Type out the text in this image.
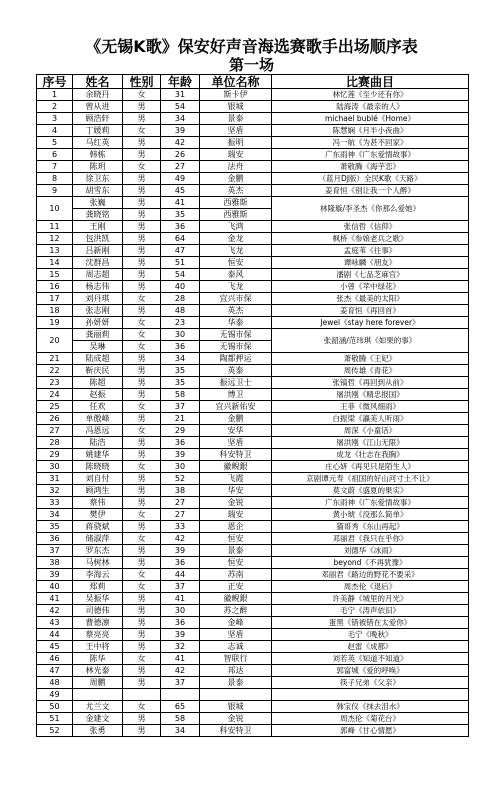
《无锡K歌》保安好声音海选赛歌手出场顺序表
第一场
序号	姓名	性别	年龄	单位名称	比赛曲目
1	余晓丹	女	31	斯卡伊	林忆莲《至少还有你》
2	曾从进	男	54	银城	陆海涛《最亲的人》
3	顾浩轩	男	34	景泰	michael bublé《Home》
4	丁媛莉	女	39	坚盾	陈慧娴《月半小夜曲》
5	马红英	男	42	振明	冯一航《为甚不回家》
6	韩栋	男	26	瑞安	广东雨神《广东爱情故事》
7	陈玥	女	27	法舟	萧敬腾《海芋恋》
8	徐卫东	男	49	金鹏	（蓝月DJ版）全民K歌《天路》
9	胡雪东	男	45	英杰	姜育恒《别让我一个人醉》
10	张巍	男	41	西雅斯	林隆璇/李圣杰《你那么爱她》
	龚晓铭	男	35	西雅斯	
11	王刚	男	36	飞鸿	张信哲《信仰》
12	包洪凯	男	64	金龙	枫桥《参娘老兵之歌》
13	吕新刚	男	47	飞龙	孟庭苇《往事》
14	沈群昌	男	51	恒安	谭咏麟《朋友》
15	周志超	男	54	泰风	潘剧《七品芝麻官》
16	杨志伟	男	40	飞龙	小曾《苹中绿花》
17	刘丹琪	女	28	宜兴市保	张杰《最美的太阳》
18	张志刚	男	48	英杰	姜育恒《再回首》
19	孙妍妍	女	23	华泰	Jewel《stay here forever》
20	龚丽莉	女	30	无锡市保	张韶涵/范玮琪《如果的事》
	吴琳	女	36	无锡市保	
21	陆成超	男	34	陶都押运	萧敬腾《王妃》
22	靳庆民	男	35	英泰	周传雄《青花》
23	陈超	男	35	振远卫士	张镐哲《再回到从前》
24	赵振	男	58	博卫	屠洪刚《精忠报国》
25	任欢	女	37	宜兴新佑安	王菲《微风细雨》
26	单傲峰	男	21	金鹏	白振梁《瀛美人听雨》
27	冯恩远	女	29	安华	周深《小童话》
28	陆浩	男	36	坚盾	屠洪刚《江山无限》
29	姚建华	男	39	科安特卫	成龙《壮志在我胸》
30	陈晓晓	女	30	徽鲵銀	庄心妍《再见只是陌生人》
31	刘自付	男	52	飞霞	京剧谭元寿《祖国的好山河寸土不让》
32	顾鸿生	男	38	华安	莫文蔚《盛夏的果实》
33	蔡伟	男	27	金锐	广东雨神《广东爱情故事》
34	樊伊	女	27	瑞安	黄小琥《没那么简单》
35	蒋骁斌	男	33	恩企	猫哥秀《东山再起》
36	储淑萍	女	42	恒安	邓丽君《我只在乎你》
37	罗东杰	男	39	景泰	刘德华《冰雨》
38	马树林	男	36	恒安	beyond《不再犹豫》
39	李海云	女	44	苏南	邓丽君《路边的野花不要采》
40	郑莉	女	37	正安	周杰伦《退后》
41	吴振华	男	41	徽鲵銀	许美静《城里的月光》
42	司德伟	男	30	苏之醉	毛宁《涛声依旧》
43	曹德凛	男	36	金峰	蛋黑《错被错在太爱你》
44	蔡亮亮	男	39	坚盾	毛宁《晚秋》
45	王中将	男	32	志诚	赵雷《成都》
46	陈华	女	41	智联行	刘若英《知道不知道》
47	林光泰	男	42	邦达	郭富城《爱的呼唤》
48	周鹏	男	37	景泰	筷子兄弟《父亲》
49					
50	尤兰文	女	65	银城	韩宝仪《抹去泪水》
51	金建文	男	58	金锐	周杰伦《菊花台》
52	张勇	男	34	科安特卫	郭峰《甘心情愿》
